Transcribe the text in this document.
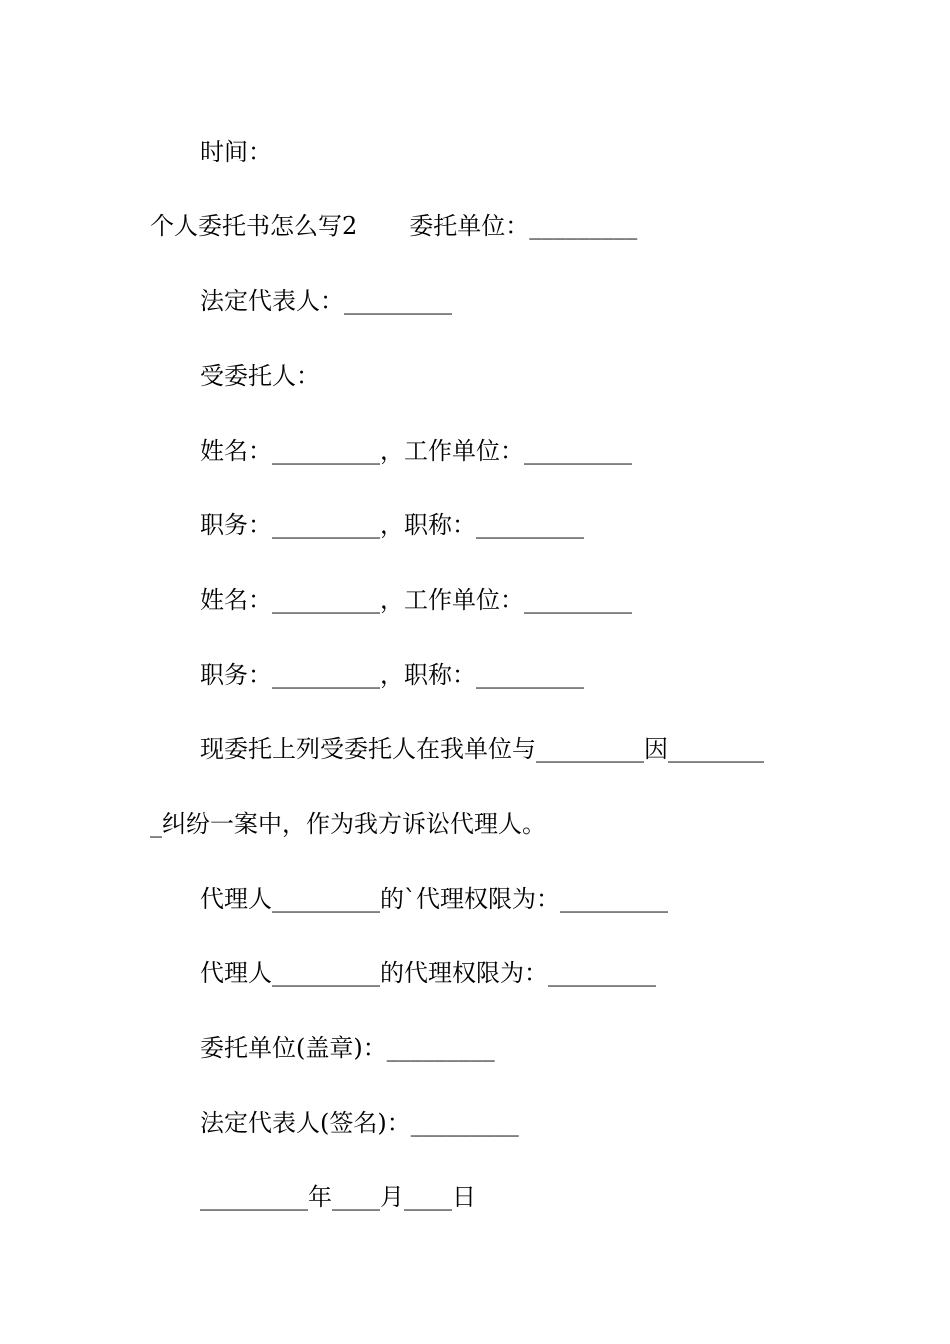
时间：
个人委托书怎么写2 委托单位：_________
法定代表人：_________
受委托人：
姓名：_________，工作单位：_________
职务：_________，职称：_________
姓名：_________，工作单位：_________
职务：_________，职称：_________
现委托上列受委托人在我单位与_________因________
_纠纷一案中，作为我方诉讼代理人。
代理人_________的`代理权限为：_________
代理人_________的代理权限为：_________
委托单位(盖章)：_________
法定代表人(签名)：_________
_________年____月____日
